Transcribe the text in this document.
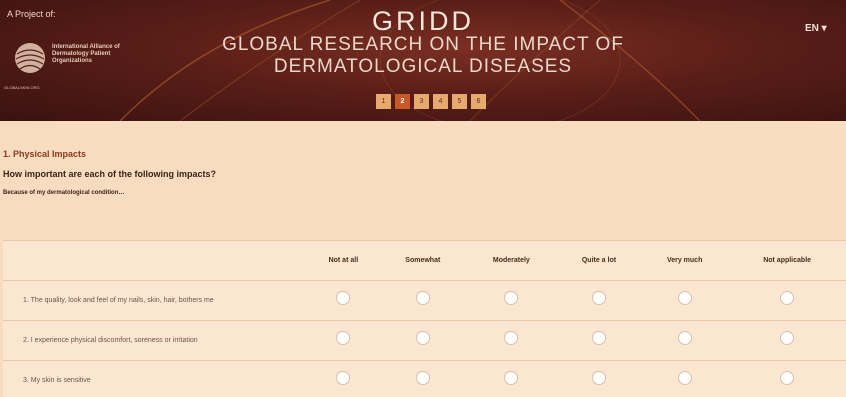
A Project of:
International Alliance of Dermatology Patient Organizations
GLOBALSKIN.ORG
GRIDD
GLOBAL RESEARCH ON THE IMPACT OF
DERMATOLOGICAL DISEASES
EN ▾
1	2	3	4	5	6
1. Physical Impacts
How important are each of the following impacts?
Because of my dermatological condition…
	Not at all	Somewhat	Moderately	Quite a lot	Very much	Not applicable
1. The quality, look and feel of my nails, skin, hair, bothers me						
2. I experience physical discomfort, soreness or irritation						
3. My skin is sensitive						
